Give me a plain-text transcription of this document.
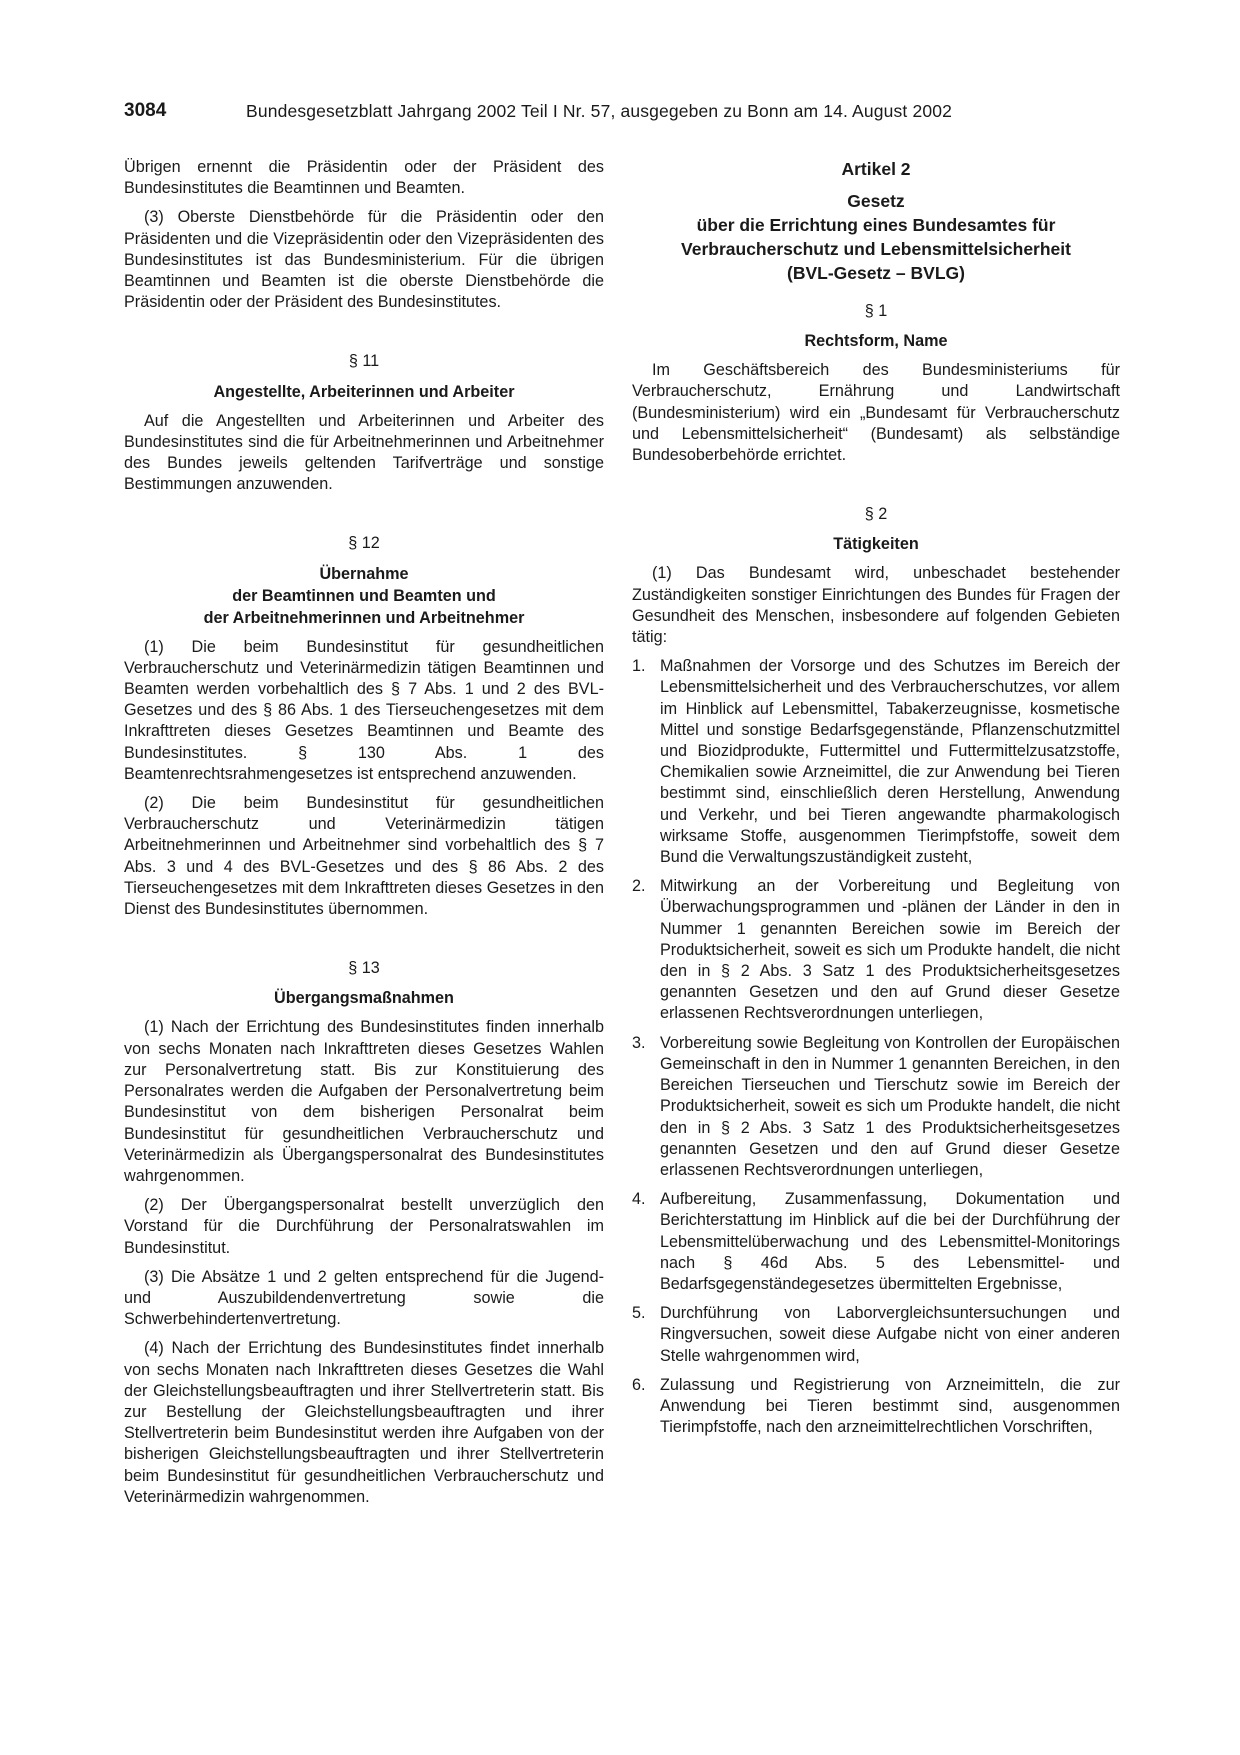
3084	Bundesgesetzblatt Jahrgang 2002 Teil I Nr. 57, ausgegeben zu Bonn am 14. August 2002

Übrigen ernennt die Präsidentin oder der Präsident des Bundesinstitutes die Beamtinnen und Beamten.

(3) Oberste Dienstbehörde für die Präsidentin oder den Präsidenten und die Vizepräsidentin oder den Vizepräsidenten des Bundesinstitutes ist das Bundesministerium. Für die übrigen Beamtinnen und Beamten ist die oberste Dienstbehörde die Präsidentin oder der Präsident des Bundesinstitutes.

§ 11
Angestellte, Arbeiterinnen und Arbeiter

Auf die Angestellten und Arbeiterinnen und Arbeiter des Bundesinstitutes sind die für Arbeitnehmerinnen und Arbeitnehmer des Bundes jeweils geltenden Tarifverträge und sonstige Bestimmungen anzuwenden.

§ 12
Übernahme
der Beamtinnen und Beamten und
der Arbeitnehmerinnen und Arbeitnehmer

(1) Die beim Bundesinstitut für gesundheitlichen Verbraucherschutz und Veterinärmedizin tätigen Beamtinnen und Beamten werden vorbehaltlich des § 7 Abs. 1 und 2 des BVL-Gesetzes und des § 86 Abs. 1 des Tierseuchengesetzes mit dem Inkrafttreten dieses Gesetzes Beamtinnen und Beamte des Bundesinstitutes. § 130 Abs. 1 des Beamtenrechtsrahmengesetzes ist entsprechend anzuwenden.

(2) Die beim Bundesinstitut für gesundheitlichen Verbraucherschutz und Veterinärmedizin tätigen Arbeitnehmerinnen und Arbeitnehmer sind vorbehaltlich des § 7 Abs. 3 und 4 des BVL-Gesetzes und des § 86 Abs. 2 des Tierseuchengesetzes mit dem Inkrafttreten dieses Gesetzes in den Dienst des Bundesinstitutes übernommen.

§ 13
Übergangsmaßnahmen

(1) Nach der Errichtung des Bundesinstitutes finden innerhalb von sechs Monaten nach Inkrafttreten dieses Gesetzes Wahlen zur Personalvertretung statt. Bis zur Konstituierung des Personalrates werden die Aufgaben der Personalvertretung beim Bundesinstitut von dem bisherigen Personalrat beim Bundesinstitut für gesundheitlichen Verbraucherschutz und Veterinärmedizin als Übergangspersonalrat des Bundesinstitutes wahrgenommen.

(2) Der Übergangspersonalrat bestellt unverzüglich den Vorstand für die Durchführung der Personalratswahlen im Bundesinstitut.

(3) Die Absätze 1 und 2 gelten entsprechend für die Jugend- und Auszubildendenvertretung sowie die Schwerbehindertenvertretung.

(4) Nach der Errichtung des Bundesinstitutes findet innerhalb von sechs Monaten nach Inkrafttreten dieses Gesetzes die Wahl der Gleichstellungsbeauftragten und ihrer Stellvertreterin statt. Bis zur Bestellung der Gleichstellungsbeauftragten und ihrer Stellvertreterin beim Bundesinstitut werden ihre Aufgaben von der bisherigen Gleichstellungsbeauftragten und ihrer Stellvertreterin beim Bundesinstitut für gesundheitlichen Verbraucherschutz und Veterinärmedizin wahrgenommen.

Artikel 2
Gesetz
über die Errichtung eines Bundesamtes für
Verbraucherschutz und Lebensmittelsicherheit
(BVL-Gesetz – BVLG)
§ 1
Rechtsform, Name

Im Geschäftsbereich des Bundesministeriums für Verbraucherschutz, Ernährung und Landwirtschaft (Bundesministerium) wird ein „Bundesamt für Verbraucherschutz und Lebensmittelsicherheit“ (Bundesamt) als selbständige Bundesoberbehörde errichtet.

§ 2
Tätigkeiten

(1) Das Bundesamt wird, unbeschadet bestehender Zuständigkeiten sonstiger Einrichtungen des Bundes für Fragen der Gesundheit des Menschen, insbesondere auf folgenden Gebieten tätig:

1. Maßnahmen der Vorsorge und des Schutzes im Bereich der Lebensmittelsicherheit und des Verbraucherschutzes, vor allem im Hinblick auf Lebensmittel, Tabakerzeugnisse, kosmetische Mittel und sonstige Bedarfsgegenstände, Pflanzenschutzmittel und Biozidprodukte, Futtermittel und Futtermittelzusatzstoffe, Chemikalien sowie Arzneimittel, die zur Anwendung bei Tieren bestimmt sind, einschließlich deren Herstellung, Anwendung und Verkehr, und bei Tieren angewandte pharmakologisch wirksame Stoffe, ausgenommen Tierimpfstoffe, soweit dem Bund die Verwaltungszuständigkeit zusteht,
2. Mitwirkung an der Vorbereitung und Begleitung von Überwachungsprogrammen und -plänen der Länder in den in Nummer 1 genannten Bereichen sowie im Bereich der Produktsicherheit, soweit es sich um Produkte handelt, die nicht den in § 2 Abs. 3 Satz 1 des Produktsicherheitsgesetzes genannten Gesetzen und den auf Grund dieser Gesetze erlassenen Rechtsverordnungen unterliegen,
3. Vorbereitung sowie Begleitung von Kontrollen der Europäischen Gemeinschaft in den in Nummer 1 genannten Bereichen, in den Bereichen Tierseuchen und Tierschutz sowie im Bereich der Produktsicherheit, soweit es sich um Produkte handelt, die nicht den in § 2 Abs. 3 Satz 1 des Produktsicherheitsgesetzes genannten Gesetzen und den auf Grund dieser Gesetze erlassenen Rechtsverordnungen unterliegen,
4. Aufbereitung, Zusammenfassung, Dokumentation und Berichterstattung im Hinblick auf die bei der Durchführung der Lebensmittelüberwachung und des Lebensmittel-Monitorings nach § 46d Abs. 5 des Lebensmittel- und Bedarfsgegenständegesetzes übermittelten Ergebnisse,
5. Durchführung von Laborvergleichsuntersuchungen und Ringversuchen, soweit diese Aufgabe nicht von einer anderen Stelle wahrgenommen wird,
6. Zulassung und Registrierung von Arzneimitteln, die zur Anwendung bei Tieren bestimmt sind, ausgenommen Tierimpfstoffe, nach den arzneimittelrechtlichen Vorschriften,
